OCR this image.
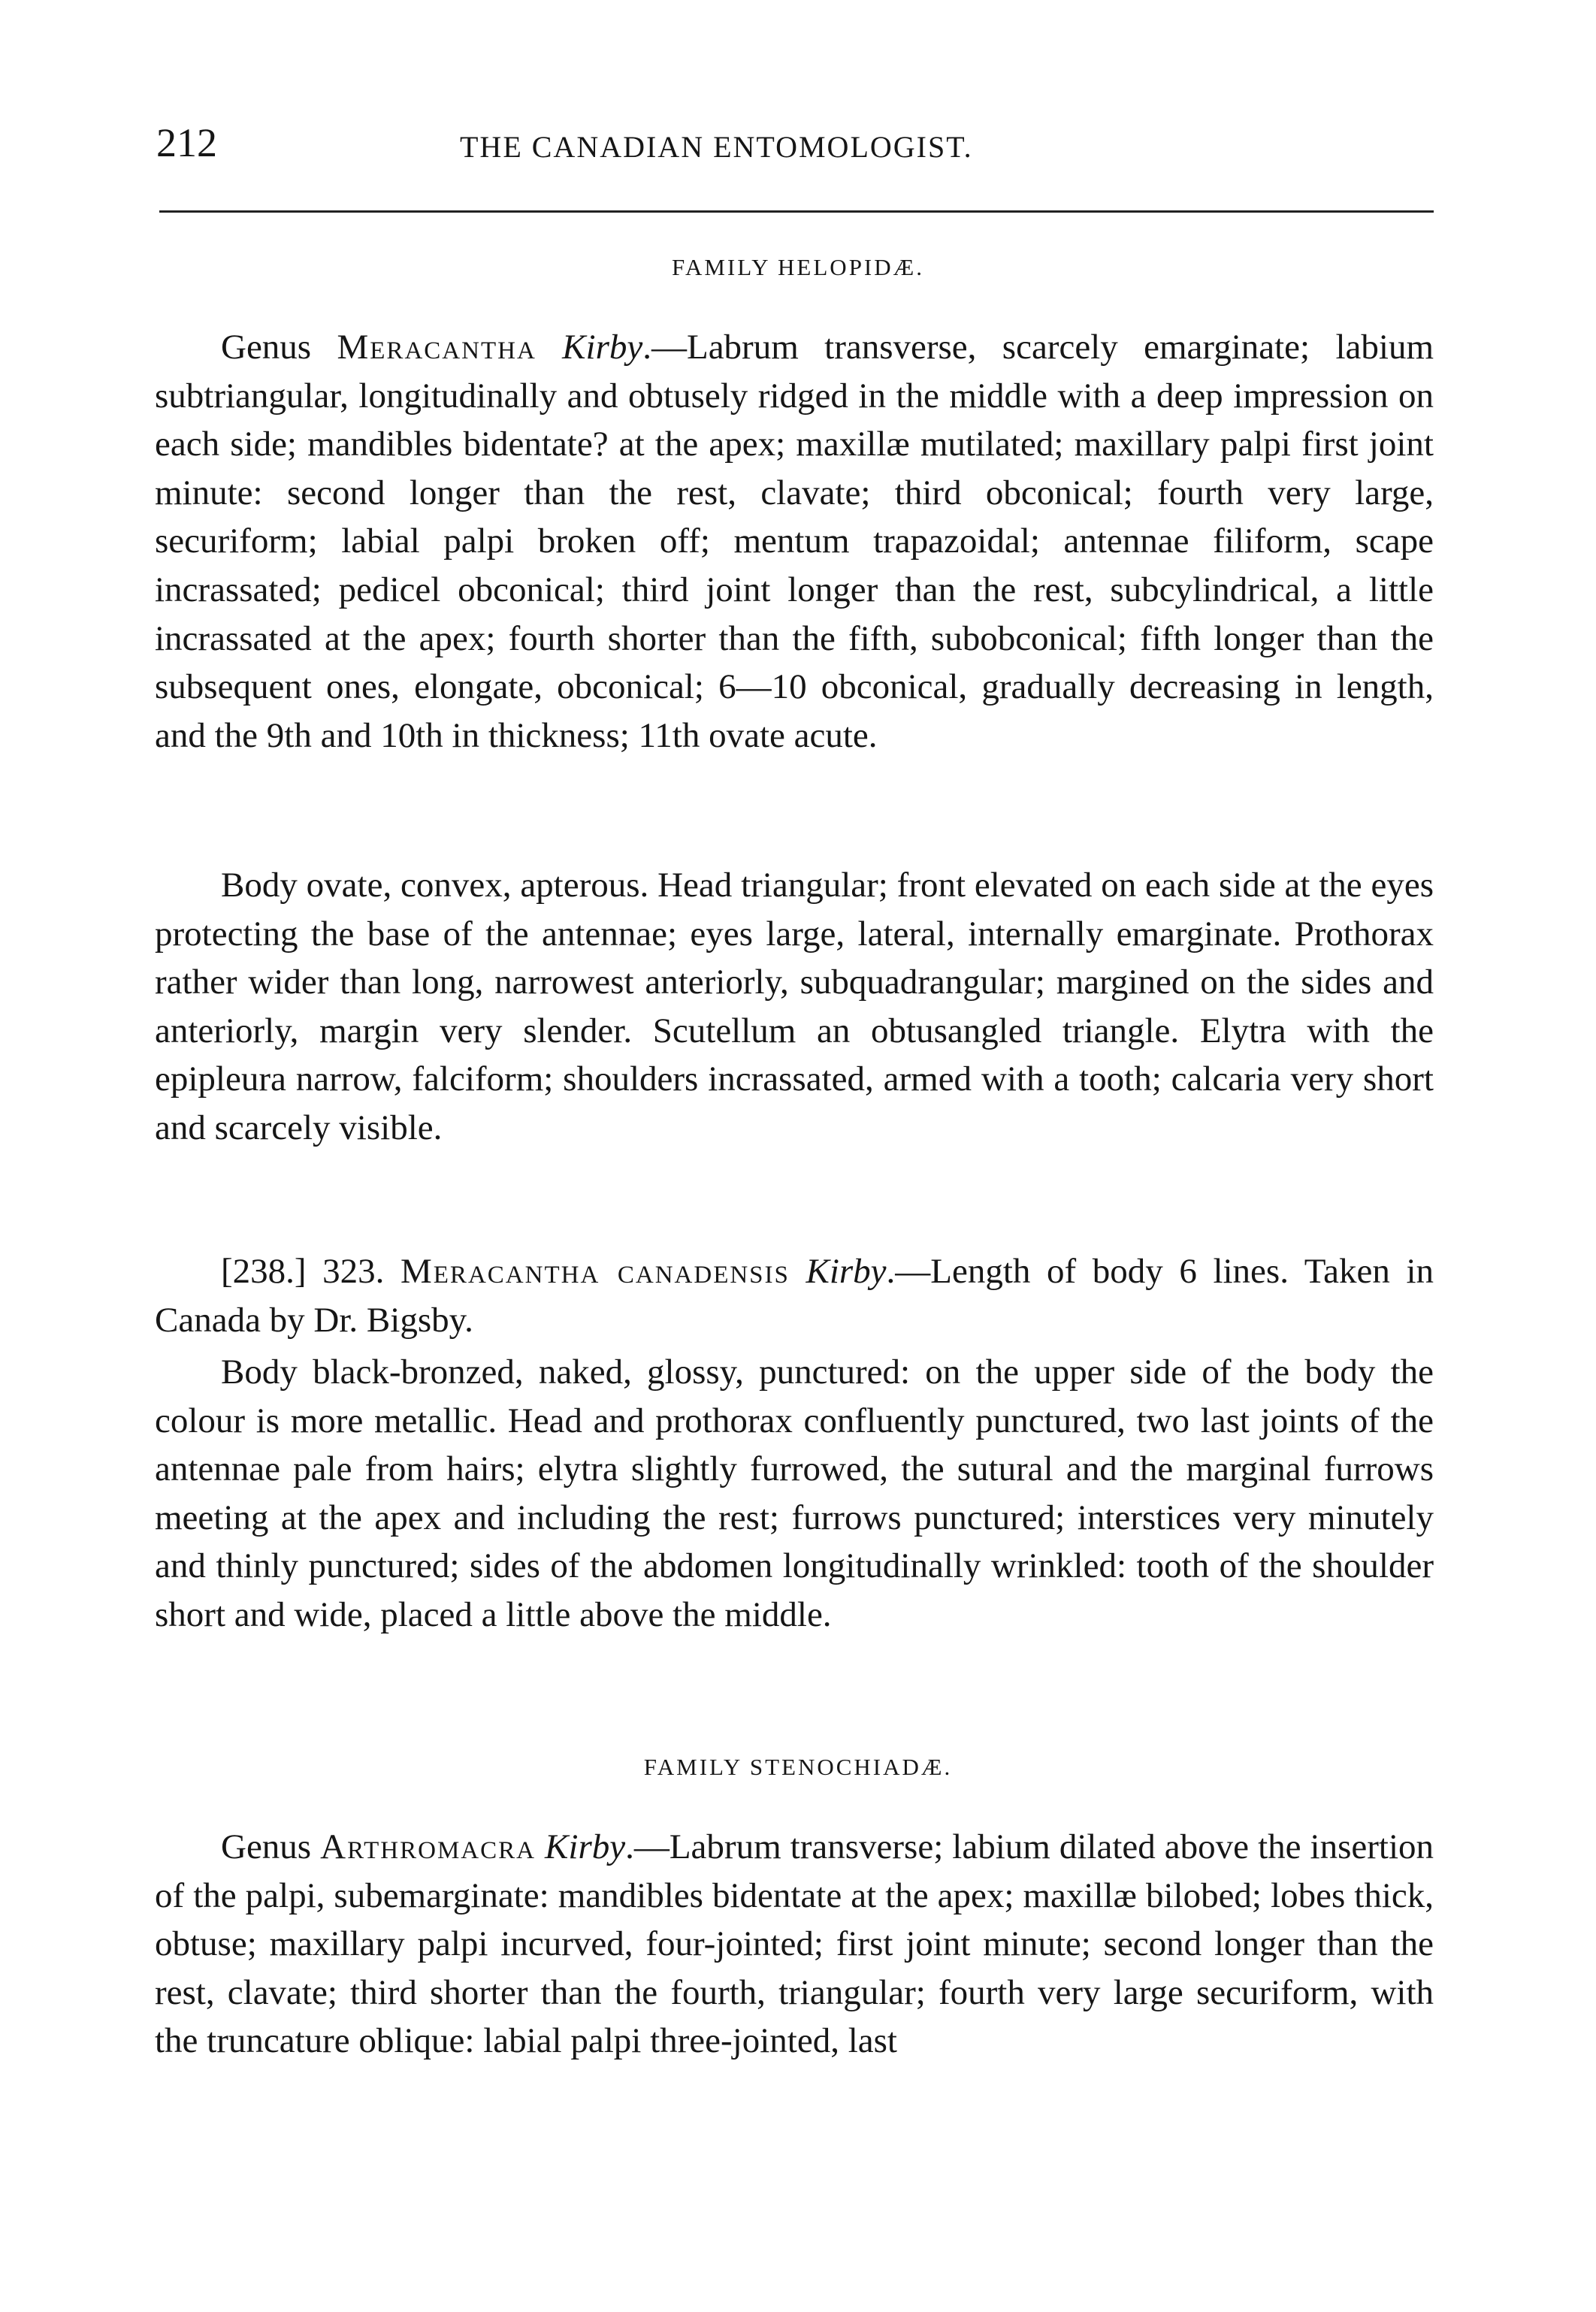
212	THE CANADIAN ENTOMOLOGIST.
FAMILY HELOPIDÆ.

Genus Meracantha Kirby.—Labrum transverse, scarcely emarginate; labium subtriangular, longitudinally and obtusely ridged in the middle with a deep impression on each side; mandibles bidentate? at the apex; maxillæ mutilated; maxillary palpi first joint minute: second longer than the rest, clavate; third obconical; fourth very large, securiform; labial palpi broken off; mentum trapazoidal; antennae filiform, scape incrassated; pedicel obconical; third joint longer than the rest, subcylindrical, a little incrassated at the apex; fourth shorter than the fifth, subobconical; fifth longer than the subsequent ones, elongate, obconical; 6—10 obconical, gradually decreasing in length, and the 9th and 10th in thickness; 11th ovate acute.

Body ovate, convex, apterous. Head triangular; front elevated on each side at the eyes protecting the base of the antennae; eyes large, lateral, internally emarginate. Prothorax rather wider than long, narrowest anteriorly, subquadrangular; margined on the sides and anteriorly, margin very slender. Scutellum an obtusangled triangle. Elytra with the epipleura narrow, falciform; shoulders incrassated, armed with a tooth; calcaria very short and scarcely visible.

[238.] 323. Meracantha canadensis Kirby.—Length of body 6 lines. Taken in Canada by Dr. Bigsby.

Body black-bronzed, naked, glossy, punctured: on the upper side of the body the colour is more metallic. Head and prothorax confluently punctured, two last joints of the antennae pale from hairs; elytra slightly furrowed, the sutural and the marginal furrows meeting at the apex and including the rest; furrows punctured; interstices very minutely and thinly punctured; sides of the abdomen longitudinally wrinkled: tooth of the shoulder short and wide, placed a little above the middle.

FAMILY STENOCHIADÆ.

Genus Arthromacra Kirby.—Labrum transverse; labium dilated above the insertion of the palpi, subemarginate: mandibles bidentate at the apex; maxillæ bilobed; lobes thick, obtuse; maxillary palpi incurved, four-jointed; first joint minute; second longer than the rest, clavate; third shorter than the fourth, triangular; fourth very large securiform, with the truncature oblique: labial palpi three-jointed, last
